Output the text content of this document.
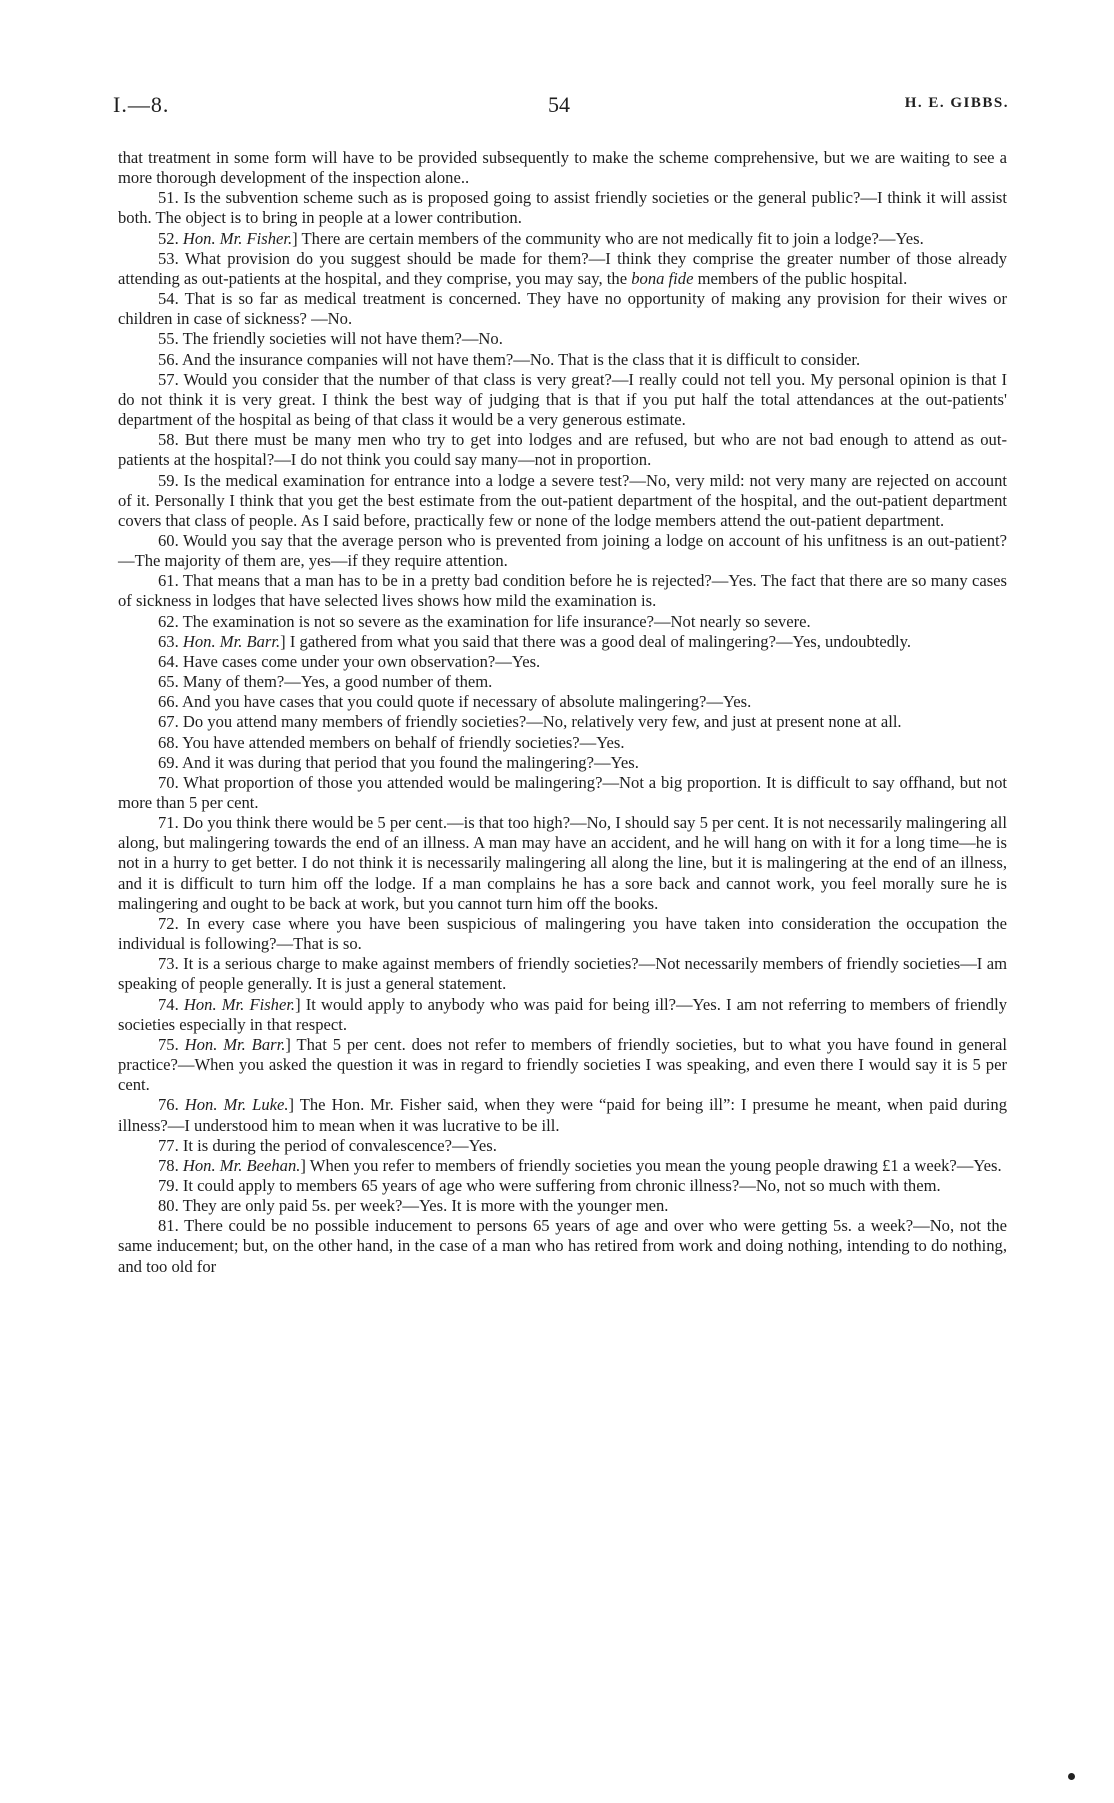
I.—8.	54	H. E. GIBBS.

that treatment in some form will have to be provided subsequently to make the scheme comprehensive, but we are waiting to see a more thorough development of the inspection alone..

51. Is the subvention scheme such as is proposed going to assist friendly societies or the general public?—I think it will assist both. The object is to bring in people at a lower contribution.

52. Hon. Mr. Fisher.] There are certain members of the community who are not medically fit to join a lodge?—Yes.

53. What provision do you suggest should be made for them?—I think they comprise the greater number of those already attending as out-patients at the hospital, and they comprise, you may say, the bona fide members of the public hospital.

54. That is so far as medical treatment is concerned. They have no opportunity of making any provision for their wives or children in case of sickness? —No.

55. The friendly societies will not have them?—No.

56. And the insurance companies will not have them?—No. That is the class that it is difficult to consider.

57. Would you consider that the number of that class is very great?—I really could not tell you. My personal opinion is that I do not think it is very great. I think the best way of judging that is that if you put half the total attendances at the out-patients' department of the hospital as being of that class it would be a very generous estimate.

58. But there must be many men who try to get into lodges and are refused, but who are not bad enough to attend as out-patients at the hospital?—I do not think you could say many—not in proportion.

59. Is the medical examination for entrance into a lodge a severe test?—No, very mild: not very many are rejected on account of it. Personally I think that you get the best estimate from the out-patient department of the hospital, and the out-patient department covers that class of people. As I said before, practically few or none of the lodge members attend the out-patient department.

60. Would you say that the average person who is prevented from joining a lodge on account of his unfitness is an out-patient?—The majority of them are, yes—if they require attention.

61. That means that a man has to be in a pretty bad condition before he is rejected?—Yes. The fact that there are so many cases of sickness in lodges that have selected lives shows how mild the examination is.

62. The examination is not so severe as the examination for life insurance?—Not nearly so severe.

63. Hon. Mr. Barr.] I gathered from what you said that there was a good deal of malingering?—Yes, undoubtedly.

64. Have cases come under your own observation?—Yes.

65. Many of them?—Yes, a good number of them.

66. And you have cases that you could quote if necessary of absolute malingering?—Yes.

67. Do you attend many members of friendly societies?—No, relatively very few, and just at present none at all.

68. You have attended members on behalf of friendly societies?—Yes.

69. And it was during that period that you found the malingering?—Yes.

70. What proportion of those you attended would be malingering?—Not a big proportion. It is difficult to say offhand, but not more than 5 per cent.

71. Do you think there would be 5 per cent.—is that too high?—No, I should say 5 per cent. It is not necessarily malingering all along, but malingering towards the end of an illness. A man may have an accident, and he will hang on with it for a long time—he is not in a hurry to get better. I do not think it is necessarily malingering all along the line, but it is malingering at the end of an illness, and it is difficult to turn him off the lodge. If a man complains he has a sore back and cannot work, you feel morally sure he is malingering and ought to be back at work, but you cannot turn him off the books.

72. In every case where you have been suspicious of malingering you have taken into consideration the occupation the individual is following?—That is so.

73. It is a serious charge to make against members of friendly societies?—Not necessarily members of friendly societies—I am speaking of people generally. It is just a general statement.

74. Hon. Mr. Fisher.] It would apply to anybody who was paid for being ill?—Yes. I am not referring to members of friendly societies especially in that respect.

75. Hon. Mr. Barr.] That 5 per cent. does not refer to members of friendly societies, but to what you have found in general practice?—When you asked the question it was in regard to friendly societies I was speaking, and even there I would say it is 5 per cent.

76. Hon. Mr. Luke.] The Hon. Mr. Fisher said, when they were “paid for being ill”: I presume he meant, when paid during illness?—I understood him to mean when it was lucrative to be ill.

77. It is during the period of convalescence?—Yes.

78. Hon. Mr. Beehan.] When you refer to members of friendly societies you mean the young people drawing £1 a week?—Yes.

79. It could apply to members 65 years of age who were suffering from chronic illness?—No, not so much with them.

80. They are only paid 5s. per week?—Yes. It is more with the younger men.

81. There could be no possible inducement to persons 65 years of age and over who were getting 5s. a week?—No, not the same inducement; but, on the other hand, in the case of a man who has retired from work and doing nothing, intending to do nothing, and too old for
